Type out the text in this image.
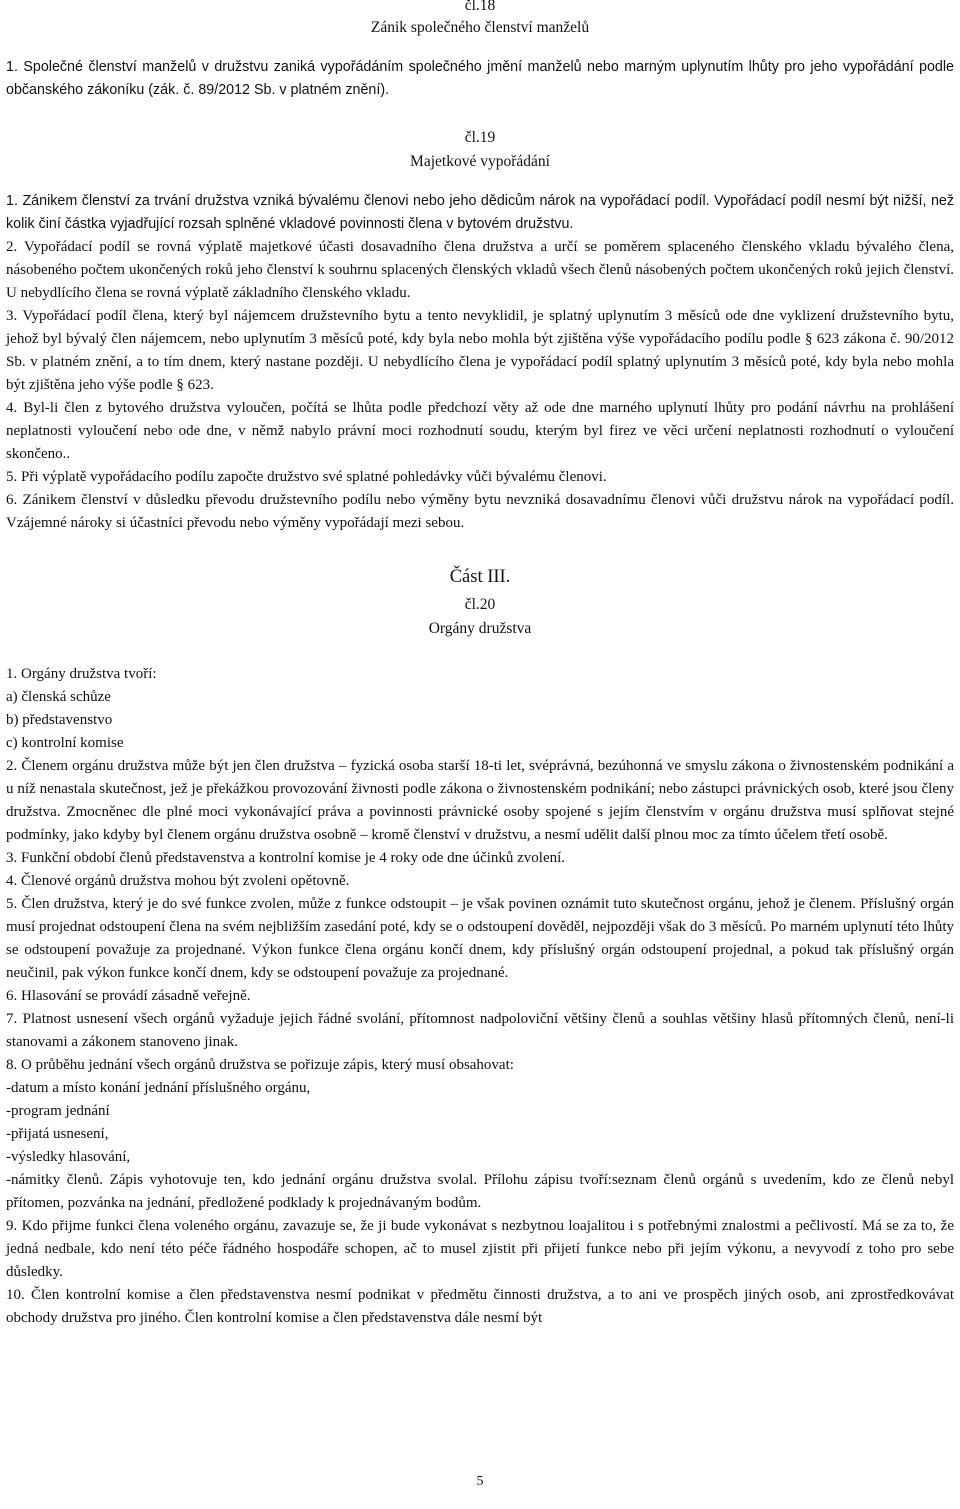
čl.18

Zánik společného členství manželů

1. Společné členství manželů v družstvu zaniká vypořádáním společného jmění manželů nebo marným uplynutím lhůty pro jeho vypořádání podle občanského zákoníku (zák. č. 89/2012 Sb. v platném znění).

čl.19

Majetkové vypořádání

1. Zánikem členství za trvání družstva vzniká bývalému členovi nebo jeho dědicům nárok na vypořádací podíl. Vypořádací podíl nesmí být nižší, než kolik činí částka vyjadřující rozsah splněné vkladové povinnosti člena v bytovém družstvu.

2. Vypořádací podíl se rovná výplatě majetkové účasti dosavadního člena družstva a určí se poměrem splaceného členského vkladu bývalého člena, násobeného počtem ukončených roků jeho členství k souhrnu splacených členských vkladů všech členů násobených počtem ukončených roků jejich členství. U nebydlícího člena se rovná výplatě základního členského vkladu.

3. Vypořádací podíl člena, který byl nájemcem družstevního bytu a tento nevyklidil, je splatný uplynutím 3 měsíců ode dne vyklizení družstevního bytu, jehož byl bývalý člen nájemcem, nebo uplynutím 3 měsíců poté, kdy byla nebo mohla být zjištěna výše vypořádacího podílu podle § 623 zákona č. 90/2012 Sb. v platném znění, a to tím dnem, který nastane později. U nebydlícího člena je vypořádací podíl splatný uplynutím 3 měsíců poté, kdy byla nebo mohla být zjištěna jeho výše podle § 623.

4. Byl-li člen z bytového družstva vyloučen, počítá se lhůta podle předchozí věty až ode dne marného uplynutí lhůty pro podání návrhu na prohlášení neplatnosti vyloučení nebo ode dne, v němž nabylo právní moci rozhodnutí soudu, kterým byl firez ve věci určení neplatnosti rozhodnutí o vyloučení skončeno..

5. Při výplatě vypořádacího podílu započte družstvo své splatné pohledávky vůči bývalému členovi.

6. Zánikem členství v důsledku převodu družstevního podílu nebo výměny bytu nevzniká dosavadnímu členovi vůči družstvu nárok na vypořádací podíl. Vzájemné nároky si účastníci převodu nebo výměny vypořádají mezi sebou.

Část III.

čl.20

Orgány družstva

1. Orgány družstva tvoří:

a) členská schůze

b) představenstvo

c) kontrolní komise

2. Členem orgánu družstva může být jen člen družstva – fyzická osoba starší 18-ti let, svéprávná, bezúhonná ve smyslu zákona o živnostenském podnikání a u níž nenastala skutečnost, jež je překážkou provozování živnosti podle zákona o živnostenském podnikání; nebo zástupci právnických osob, které jsou členy družstva. Zmocněnec dle plné moci vykonávající práva a povinnosti právnické osoby spojené s jejím členstvím v orgánu družstva musí splňovat stejné podmínky, jako kdyby byl členem orgánu družstva osobně – kromě členství v družstvu, a nesmí udělit další plnou moc za tímto účelem třetí osobě.

3. Funkční období členů představenstva a kontrolní komise je 4 roky ode dne účinků zvolení.

4. Členové orgánů družstva mohou být zvoleni opětovně.

5. Člen družstva, který je do své funkce zvolen, může z funkce odstoupit – je však povinen oznámit tuto skutečnost orgánu, jehož je členem. Příslušný orgán musí projednat odstoupení člena na svém nejbližším zasedání poté, kdy se o odstoupení dověděl, nejpozději však do 3 měsíců. Po marném uplynutí této lhůty se odstoupení považuje za projednané. Výkon funkce člena orgánu končí dnem, kdy příslušný orgán odstoupení projednal, a pokud tak příslušný orgán neučinil, pak výkon funkce končí dnem, kdy se odstoupení považuje za projednané.

6. Hlasování se provádí zásadně veřejně.

7. Platnost usnesení všech orgánů vyžaduje jejich řádné svolání, přítomnost nadpoloviční většiny členů a souhlas většiny hlasů přítomných členů, není-li stanovami a zákonem stanoveno jinak.

8. O průběhu jednání všech orgánů družstva se pořizuje zápis, který musí obsahovat:

-datum a místo konání jednání příslušného orgánu,

-program jednání

-přijatá usnesení,

-výsledky hlasování,

-námitky členů. Zápis vyhotovuje ten, kdo jednání orgánu družstva svolal. Přílohu zápisu tvoří:seznam členů orgánů s uvedením, kdo ze členů nebyl přítomen, pozvánka na jednání, předložené podklady k projednávaným bodům.

9. Kdo přijme funkci člena voleného orgánu, zavazuje se, že ji bude vykonávat s nezbytnou loajalitou i s potřebnými znalostmi a pečlivostí. Má se za to, že jedná nedbale, kdo není této péče řádného hospodáře schopen, ač to musel zjistit při přijetí funkce nebo při jejím výkonu, a nevyvodí z toho pro sebe důsledky.

10. Člen kontrolní komise a člen představenstva nesmí podnikat v předmětu činnosti družstva, a to ani ve prospěch jiných osob, ani zprostředkovávat obchody družstva pro jiného. Člen kontrolní komise a člen představenstva dále nesmí být

5
